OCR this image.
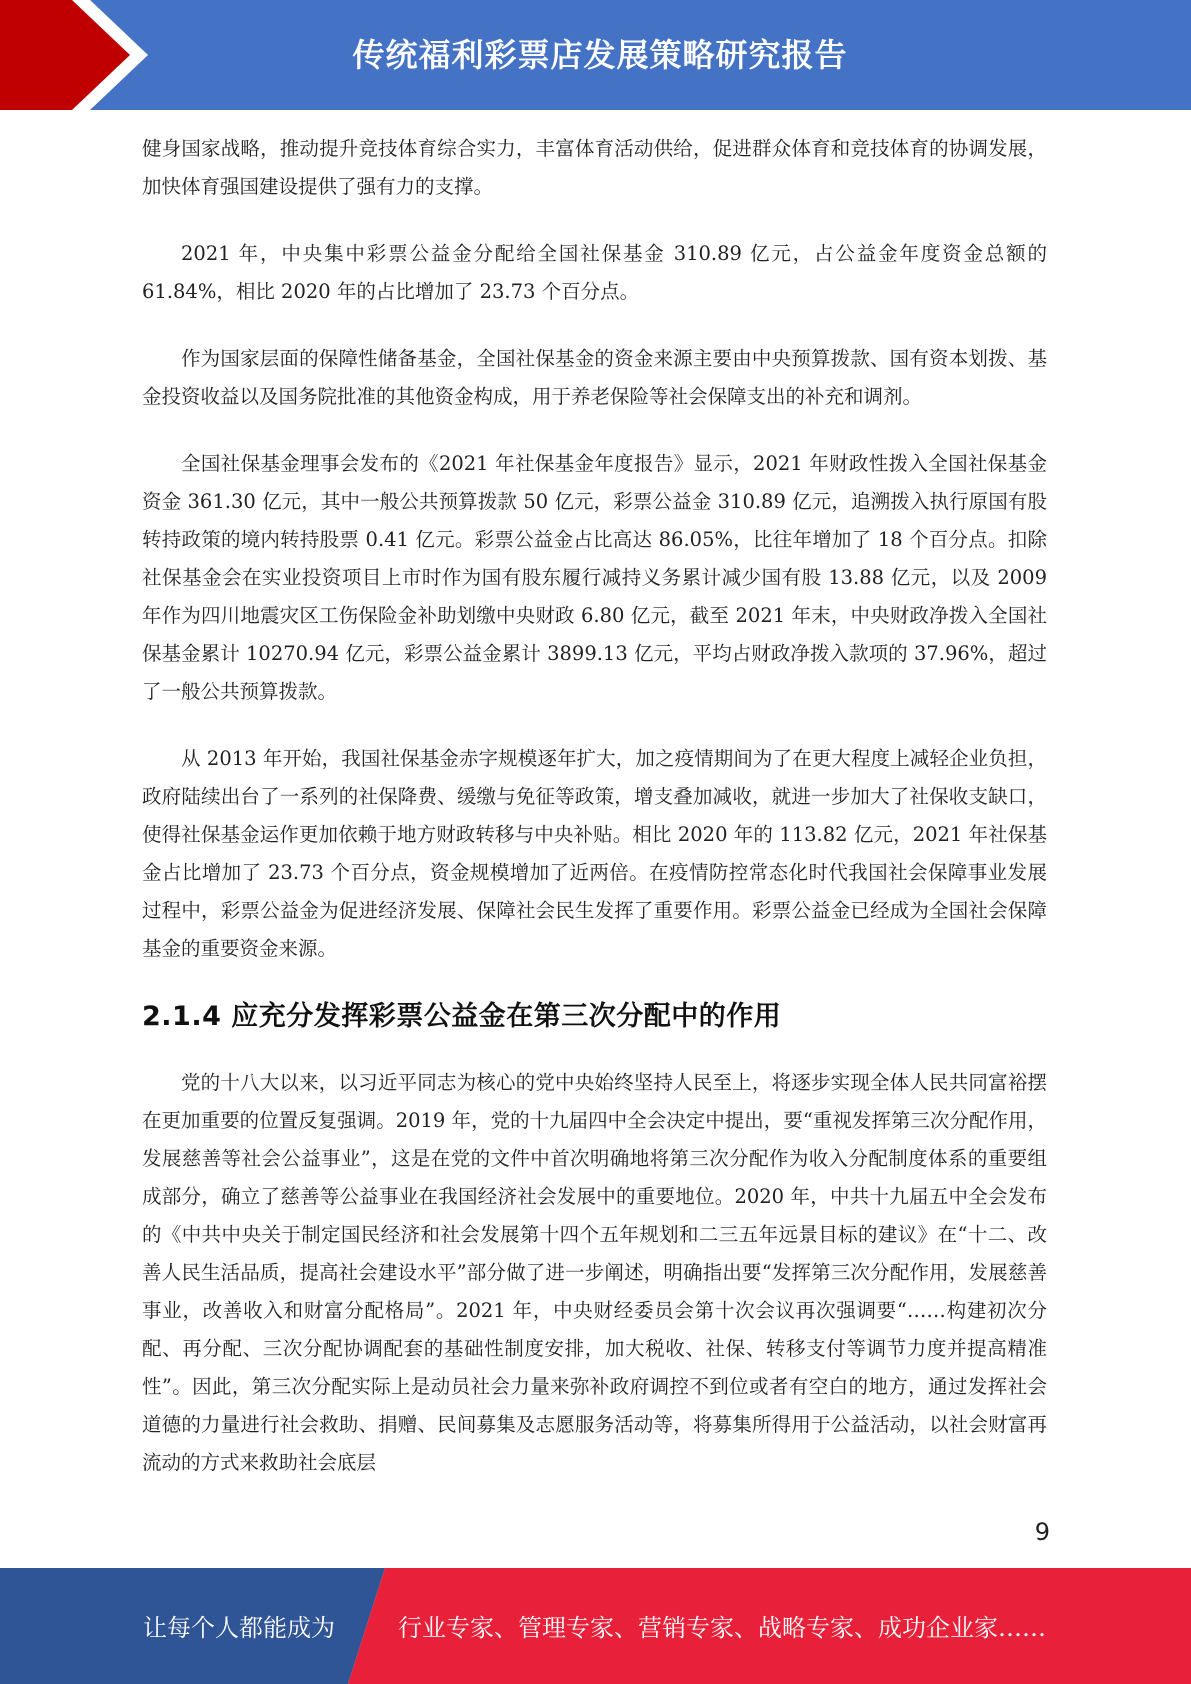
传统福利彩票店发展策略研究报告

健身国家战略，推动提升竞技体育综合实力，丰富体育活动供给，促进群众体育和竞技体育的协调发展，加快体育强国建设提供了强有力的支撑。

2021 年，中央集中彩票公益金分配给全国社保基金 310.89 亿元，占公益金年度资金总额的 61.84%，相比 2020 年的占比增加了 23.73 个百分点。

作为国家层面的保障性储备基金，全国社保基金的资金来源主要由中央预算拨款、国有资本划拨、基金投资收益以及国务院批准的其他资金构成，用于养老保险等社会保障支出的补充和调剂。

全国社保基金理事会发布的《2021 年社保基金年度报告》显示，2021 年财政性拨入全国社保基金资金 361.30 亿元，其中一般公共预算拨款 50 亿元，彩票公益金 310.89 亿元，追溯拨入执行原国有股转持政策的境内转持股票 0.41 亿元。彩票公益金占比高达 86.05%，比往年增加了 18 个百分点。扣除社保基金会在实业投资项目上市时作为国有股东履行减持义务累计减少国有股 13.88 亿元，以及 2009 年作为四川地震灾区工伤保险金补助划缴中央财政 6.80 亿元，截至 2021 年末，中央财政净拨入全国社保基金累计 10270.94 亿元，彩票公益金累计 3899.13 亿元，平均占财政净拨入款项的 37.96%，超过了一般公共预算拨款。

从 2013 年开始，我国社保基金赤字规模逐年扩大，加之疫情期间为了在更大程度上减轻企业负担，政府陆续出台了一系列的社保降费、缓缴与免征等政策，增支叠加减收，就进一步加大了社保收支缺口，使得社保基金运作更加依赖于地方财政转移与中央补贴。相比 2020 年的 113.82 亿元，2021 年社保基金占比增加了 23.73 个百分点，资金规模增加了近两倍。在疫情防控常态化时代我国社会保障事业发展过程中，彩票公益金为促进经济发展、保障社会民生发挥了重要作用。彩票公益金已经成为全国社会保障基金的重要资金来源。

2.1.4 应充分发挥彩票公益金在第三次分配中的作用

党的十八大以来，以习近平同志为核心的党中央始终坚持人民至上，将逐步实现全体人民共同富裕摆在更加重要的位置反复强调。2019 年，党的十九届四中全会决定中提出，要“重视发挥第三次分配作用，发展慈善等社会公益事业”，这是在党的文件中首次明确地将第三次分配作为收入分配制度体系的重要组成部分，确立了慈善等公益事业在我国经济社会发展中的重要地位。2020 年，中共十九届五中全会发布的《中共中央关于制定国民经济和社会发展第十四个五年规划和二三五年远景目标的建议》在“十二、改善人民生活品质，提高社会建设水平”部分做了进一步阐述，明确指出要“发挥第三次分配作用，发展慈善事业，改善收入和财富分配格局”。2021 年，中央财经委员会第十次会议再次强调要“……构建初次分配、再分配、三次分配协调配套的基础性制度安排，加大税收、社保、转移支付等调节力度并提高精准性”。因此，第三次分配实际上是动员社会力量来弥补政府调控不到位或者有空白的地方，通过发挥社会道德的力量进行社会救助、捐赠、民间募集及志愿服务活动等，将募集所得用于公益活动，以社会财富再流动的方式来救助社会底层

9
让每个人都能成为	行业专家、管理专家、营销专家、战略专家、成功企业家……
